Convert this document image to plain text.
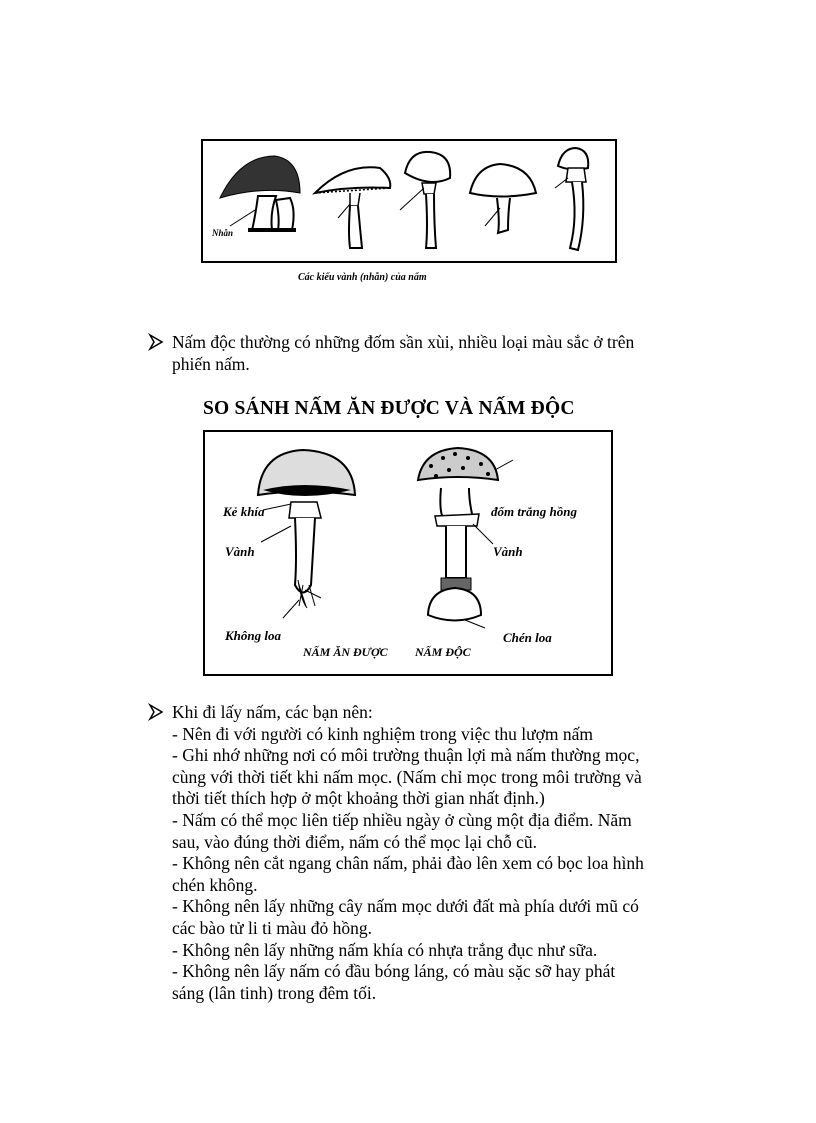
Nhẫn
Các kiểu vành (nhẫn) của nấm
Nấm độc thường có những đốm sần xùi, nhiều loại màu sắc ở trên
phiến nấm.
SO SÁNH NẤM ĂN ĐƯỢC VÀ NẤM ĐỘC
Kẻ khía
Vành
Không loa
NẤM ĂN ĐƯỢC NẤM ĐỘC
đốm trắng hồng
Vành
Chén loa
Khi đi lấy nấm, các bạn nên:
- Nên đi với người có kinh nghiệm trong việc thu lượm nấm
- Ghi nhớ những nơi có môi trường thuận lợi mà nấm thường mọc,
cùng với thời tiết khi nấm mọc. (Nấm chỉ mọc trong môi trường và
thời tiết thích hợp ở một khoảng thời gian nhất định.)
- Nấm có thể mọc liên tiếp nhiều ngày ở cùng một địa điểm. Năm
sau, vào đúng thời điểm, nấm có thể mọc lại chỗ cũ.
- Không nên cắt ngang chân nấm, phải đào lên xem có bọc loa hình
chén không.
- Không nên lấy những cây nấm mọc dưới đất mà phía dưới mũ có
các bào tử li ti màu đỏ hồng.
- Không nên lấy những nấm khía có nhựa trắng đục như sữa.
- Không nên lấy nấm có đầu bóng láng, có màu sặc sỡ hay phát
sáng (lân tinh) trong đêm tối.
